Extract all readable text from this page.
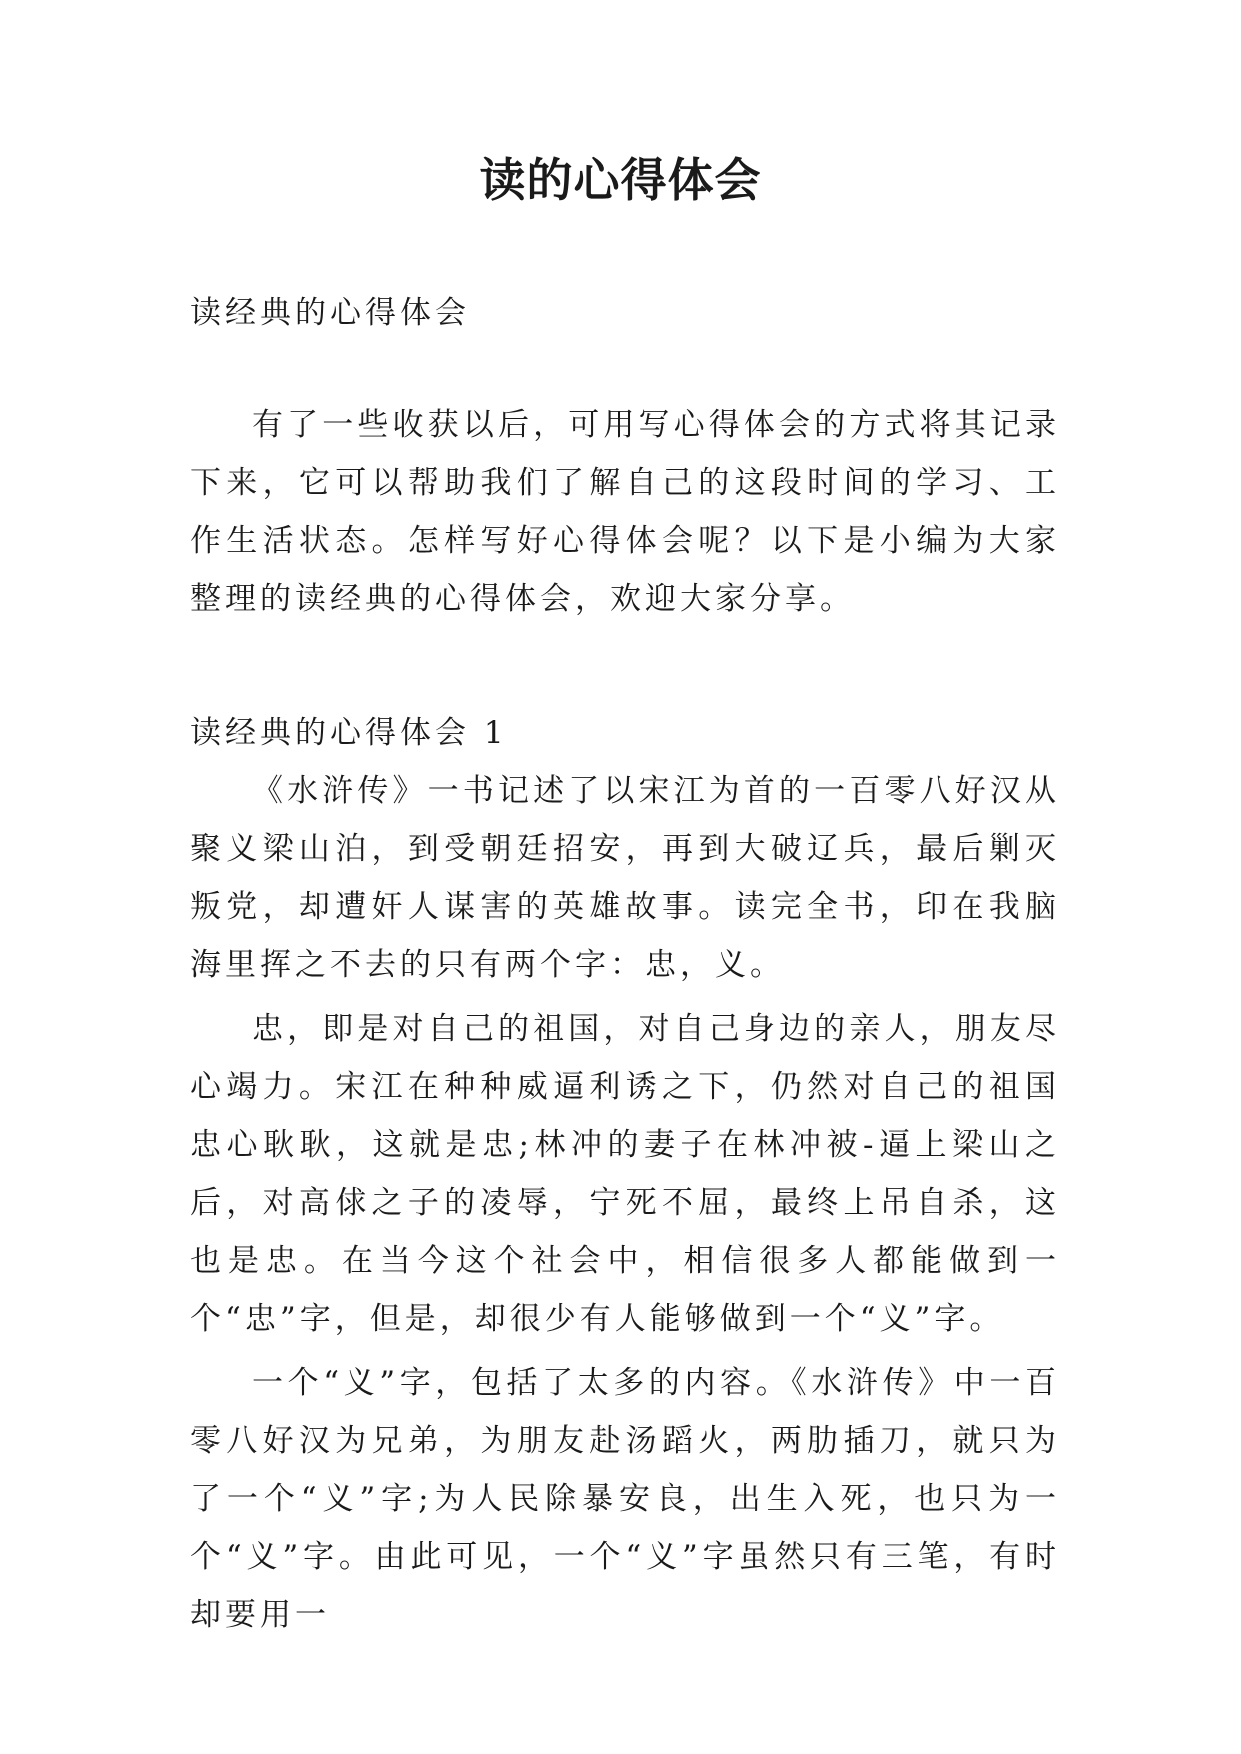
读的心得体会

读经典的心得体会

有了一些收获以后，可用写心得体会的方式将其记录下来，它可以帮助我们了解自己的这段时间的学习、工作生活状态。怎样写好心得体会呢？以下是小编为大家整理的读经典的心得体会，欢迎大家分享。

读经典的心得体会 1

《水浒传》一书记述了以宋江为首的一百零八好汉从聚义梁山泊，到受朝廷招安，再到大破辽兵，最后剿灭叛党，却遭奸人谋害的英雄故事。读完全书，印在我脑海里挥之不去的只有两个字：忠，义。

忠，即是对自己的祖国，对自己身边的亲人，朋友尽心竭力。宋江在种种威逼利诱之下，仍然对自己的祖国忠心耿耿，这就是忠;林冲的妻子在林冲被-逼上梁山之后，对高俅之子的凌辱，宁死不屈，最终上吊自杀，这也是忠。在当今这个社会中，相信很多人都能做到一个“忠”字，但是，却很少有人能够做到一个“义”字。

一个“义”字，包括了太多的内容。《水浒传》中一百零八好汉为兄弟，为朋友赴汤蹈火，两肋插刀，就只为了一个“义”字;为人民除暴安良，出生入死，也只为一个“义”字。由此可见，一个“义”字虽然只有三笔，有时却要用一
